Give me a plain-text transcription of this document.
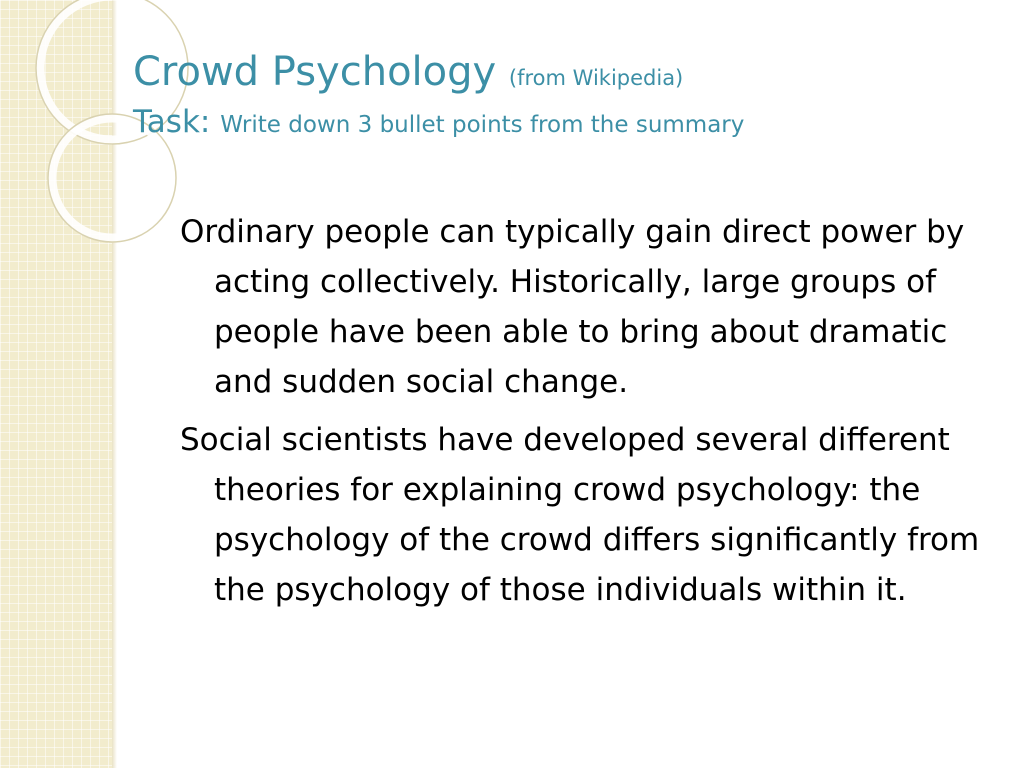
Crowd Psychology (from Wikipedia)
Task: Write down 3 bullet points from the summary

Ordinary people can typically gain direct power by acting collectively. Historically, large groups of people have been able to bring about dramatic and sudden social change.

Social scientists have developed several different theories for explaining crowd psychology: the psychology of the crowd differs significantly from the psychology of those individuals within it.
